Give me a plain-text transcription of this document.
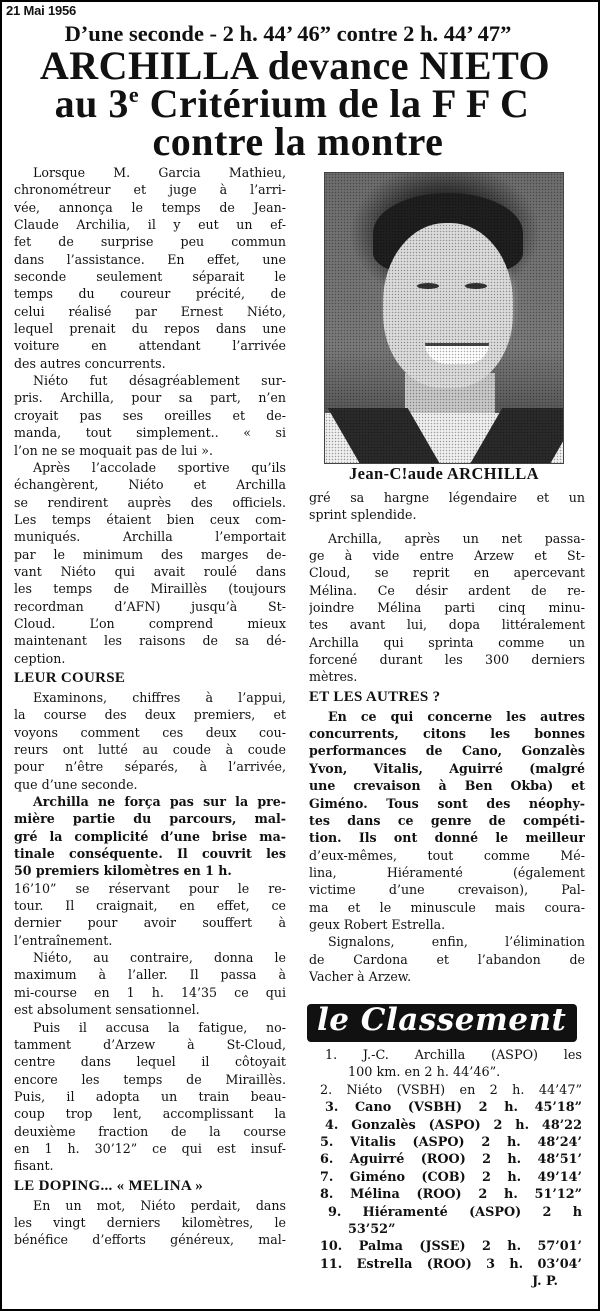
21 Mai 1956
D’une seconde - 2 h. 44’ 46” contre 2 h. 44’ 47”
ARCHILLA devance NIETO
au 3e Critérium de la F F C
contre la montre
Lorsque M. Garcia Mathieu,
chronométreur et juge à l’arri-
vée, annonça le temps de Jean-
Claude Archilia, il y eut un ef-
fet de surprise peu commun
dans l’assistance. En effet, une
seconde seulement séparait le
temps du coureur précité, de
celui réalisé par Ernest Niéto,
lequel prenait du repos dans une
voiture en attendant l’arrivée
des autres concurrents.
Niéto fut désagréablement sur-
pris. Archilla, pour sa part, n’en
croyait pas ses oreilles et de-
manda, tout simplement.. « si
l’on ne se moquait pas de lui ».
Après l’accolade sportive qu’ils
échangèrent, Niéto et Archilla
se rendirent auprès des officiels.
Les temps étaient bien ceux com-
muniqués. Archilla l’emportait
par le minimum des marges de-
vant Niéto qui avait roulé dans
les temps de Miraillès (toujours
recordman d’AFN) jusqu’à St-
Cloud. L’on comprend mieux
maintenant les raisons de sa dé-
ception.
LEUR COURSE
Examinons, chiffres à l’appui,
la course des deux premiers, et
voyons comment ces deux cou-
reurs ont lutté au coude à coude
pour n’être séparés, à l’arrivée,
que d’une seconde.
Archilla ne força pas sur la pre-
mière partie du parcours, mal-
gré la complicité d’une brise ma-
tinale conséquente. Il couvrit les
50 premiers kilomètres en 1 h.
16’10” se réservant pour le re-
tour. Il craignait, en effet, ce
dernier pour avoir souffert à
l’entraînement.
Niéto, au contraire, donna le
maximum à l’aller. Il passa à
mi-course en 1 h. 14’35 ce qui
est absolument sensationnel.
Puis il accusa la fatigue, no-
tamment d’Arzew à St-Cloud,
centre dans lequel il côtoyait
encore les temps de Miraillès.
Puis, il adopta un train beau-
coup trop lent, accomplissant la
deuxième fraction de la course
en 1 h. 30’12” ce qui est insuf-
fisant.
LE DOPING... « MELINA »
En un mot, Niéto perdait, dans
les vingt derniers kilomètres, le
bénéfice d’efforts généreux, mal-
Jean-C!aude ARCHILLA
gré sa hargne légendaire et un
sprint splendide.
Archilla, après un net passa-
ge à vide entre Arzew et St-
Cloud, se reprit en apercevant
Mélina. Ce désir ardent de re-
joindre Mélina parti cinq minu-
tes avant lui, dopa littéralement
Archilla qui sprinta comme un
forcené durant les 300 derniers
mètres.
ET LES AUTRES ?
En ce qui concerne les autres
concurrents, citons les bonnes
performances de Cano, Gonzalès
Yvon, Vitalis, Aguirré (malgré
une crevaison à Ben Okba) et
Giméno. Tous sont des néophy-
tes dans ce genre de compéti-
tion. Ils ont donné le meilleur
d’eux-mêmes, tout comme Mé-
lina, Hiéramenté (également
victime d’une crevaison), Pal-
ma et le minuscule mais coura-
geux Robert Estrella.
Signalons, enfin, l’élimination
de Cardona et l’abandon de
Vacher à Arzew.
le Classement
1. J.-C. Archilla (ASPO) les
100 km. en 2 h. 44’46”.
2. Niéto (VSBH) en 2 h. 44’47”
3. Cano (VSBH) 2 h. 45’18”
4. Gonzalès (ASPO) 2 h. 48’22
5. Vitalis (ASPO) 2 h. 48’24’
6. Aguirré (ROO) 2 h. 48’51’
7. Giméno (COB) 2 h. 49’14’
8. Mélina (ROO) 2 h. 51’12”
9. Hiéramenté (ASPO) 2 h
53’52”
10. Palma (JSSE) 2 h. 57’01’
11. Estrella (ROO) 3 h. 03’04’
J. P.
